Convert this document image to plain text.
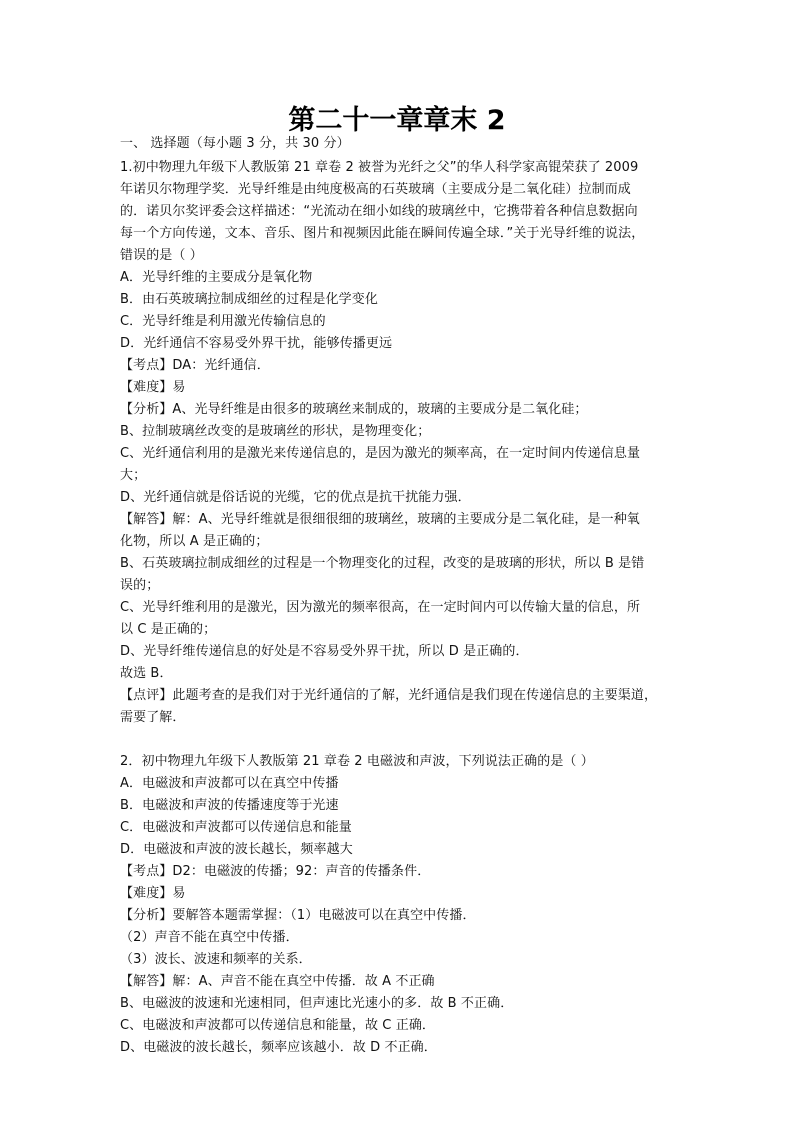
第二十一章章末 2
一、 选择题（每小题 3 分，共 30 分）
1.初中物理九年级下人教版第 21 章卷 2 被誉为光纤之父”的华人科学家高锟荣获了 2009
年诺贝尔物理学奖．光导纤维是由纯度极高的石英玻璃（主要成分是二氧化硅）拉制而成
的．诺贝尔奖评委会这样描述：“光流动在细小如线的玻璃丝中，它携带着各种信息数据向
每一个方向传递，文本、音乐、图片和视频因此能在瞬间传遍全球．”关于光导纤维的说法，
错误的是（ ）
A．光导纤维的主要成分是氧化物
B．由石英玻璃拉制成细丝的过程是化学变化
C．光导纤维是利用激光传输信息的
D．光纤通信不容易受外界干扰，能够传播更远
【考点】DA：光纤通信．
【难度】易
【分析】A、光导纤维是由很多的玻璃丝来制成的，玻璃的主要成分是二氧化硅；
B、拉制玻璃丝改变的是玻璃丝的形状，是物理变化；
C、光纤通信利用的是激光来传递信息的，是因为激光的频率高，在一定时间内传递信息量
大；
D、光纤通信就是俗话说的光缆，它的优点是抗干扰能力强．
【解答】解：A、光导纤维就是很细很细的玻璃丝，玻璃的主要成分是二氧化硅，是一种氧
化物，所以 A 是正确的；
B、石英玻璃拉制成细丝的过程是一个物理变化的过程，改变的是玻璃的形状，所以 B 是错
误的；
C、光导纤维利用的是激光，因为激光的频率很高，在一定时间内可以传输大量的信息，所
以 C 是正确的；
D、光导纤维传递信息的好处是不容易受外界干扰，所以 D 是正确的．
故选 B．
【点评】此题考查的是我们对于光纤通信的了解，光纤通信是我们现在传递信息的主要渠道，
需要了解．
2．初中物理九年级下人教版第 21 章卷 2 电磁波和声波，下列说法正确的是（ ）
A．电磁波和声波都可以在真空中传播
B．电磁波和声波的传播速度等于光速
C．电磁波和声波都可以传递信息和能量
D．电磁波和声波的波长越长，频率越大
【考点】D2：电磁波的传播；92：声音的传播条件．
【难度】易
【分析】要解答本题需掌握：（1）电磁波可以在真空中传播．
（2）声音不能在真空中传播．
（3）波长、波速和频率的关系．
【解答】解：A、声音不能在真空中传播．故 A 不正确
B、电磁波的波速和光速相同，但声速比光速小的多．故 B 不正确．
C、电磁波和声波都可以传递信息和能量，故 C 正确．
D、电磁波的波长越长，频率应该越小．故 D 不正确．
